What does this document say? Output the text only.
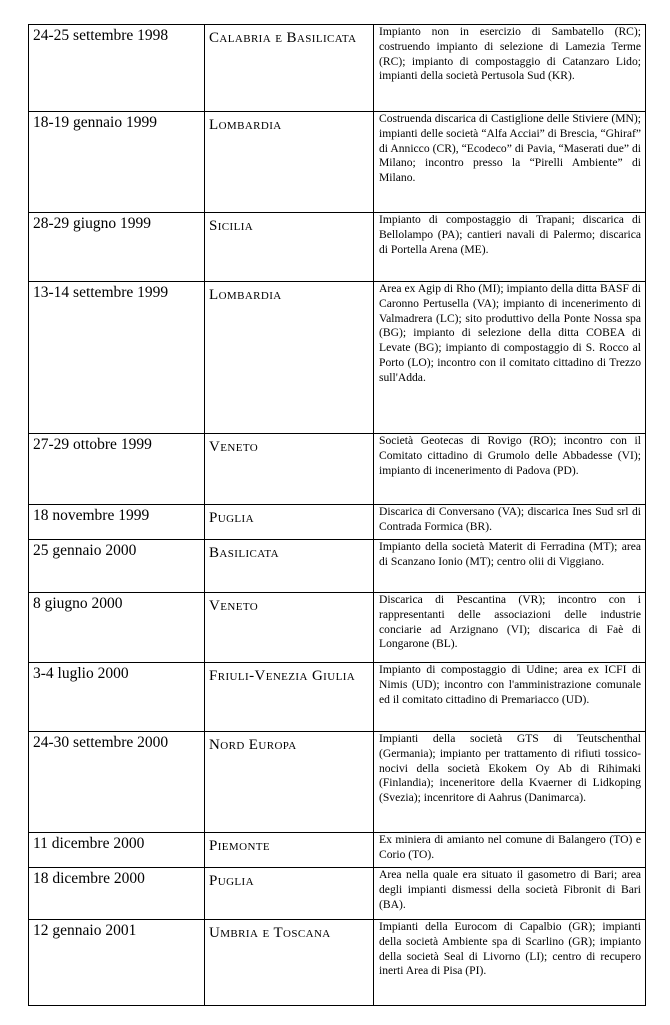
24-25 settembre 1998	Calabria e Basilicata	Impianto non in esercizio di Sambatello (RC); costruendo impianto di selezione di Lamezia Terme (RC); impianto di compostaggio di Catanzaro Lido; impianti della società Pertusola Sud (KR).
18-19 gennaio 1999	Lombardia	Costruenda discarica di Castiglione delle Stiviere (MN); impianti delle società “Alfa Acciai” di Brescia, “Ghiraf” di Annicco (CR), “Ecodeco” di Pavia, “Maserati due” di Milano; incontro presso la “Pirelli Ambiente” di Milano.
28-29 giugno 1999	Sicilia	Impianto di compostaggio di Trapani; discarica di Bellolampo (PA); cantieri navali di Palermo; discarica di Portella Arena (ME).
13-14 settembre 1999	Lombardia	Area ex Agip di Rho (MI); impianto della ditta BASF di Caronno Pertusella (VA); impianto di incenerimento di Valmadrera (LC); sito produttivo della Ponte Nossa spa (BG); impianto di selezione della ditta COBEA di Levate (BG); impianto di compostaggio di S. Rocco al Porto (LO); incontro con il comitato cittadino di Trezzo sull'Adda.
27-29 ottobre 1999	Veneto	Società Geotecas di Rovigo (RO); incontro con il Comitato cittadino di Grumolo delle Abbadesse (VI); impianto di incenerimento di Padova (PD).
18 novembre 1999	Puglia	Discarica di Conversano (VA); discarica Ines Sud srl di Contrada Formica (BR).
25 gennaio 2000	Basilicata	Impianto della società Materit di Ferradina (MT); area di Scanzano Ionio (MT); centro olii di Viggiano.
8 giugno 2000	Veneto	Discarica di Pescantina (VR); incontro con i rappresentanti delle associazioni delle industrie conciarie ad Arzignano (VI); discarica di Faè di Longarone (BL).
3-4 luglio 2000	Friuli-Venezia Giulia	Impianto di compostaggio di Udine; area ex ICFI di Nimis (UD); incontro con l'amministrazione comunale ed il comitato cittadino di Premariacco (UD).
24-30 settembre 2000	Nord Europa	Impianti della società GTS di Teutschenthal (Germania); impianto per trattamento di rifiuti tossico-nocivi della società Ekokem Oy Ab di Rihimaki (Finlandia); inceneritore della Kvaerner di Lidkoping (Svezia); incenritore di Aahrus (Danimarca).
11 dicembre 2000	Piemonte	Ex miniera di amianto nel comune di Balangero (TO) e Corio (TO).
18 dicembre 2000	Puglia	Area nella quale era situato il gasometro di Bari; area degli impianti dismessi della società Fibronit di Bari (BA).
12 gennaio 2001	Umbria e Toscana	Impianti della Eurocom di Capalbio (GR); impianti della società Ambiente spa di Scarlino (GR); impianto della società Seal di Livorno (LI); centro di recupero inerti Area di Pisa (PI).
